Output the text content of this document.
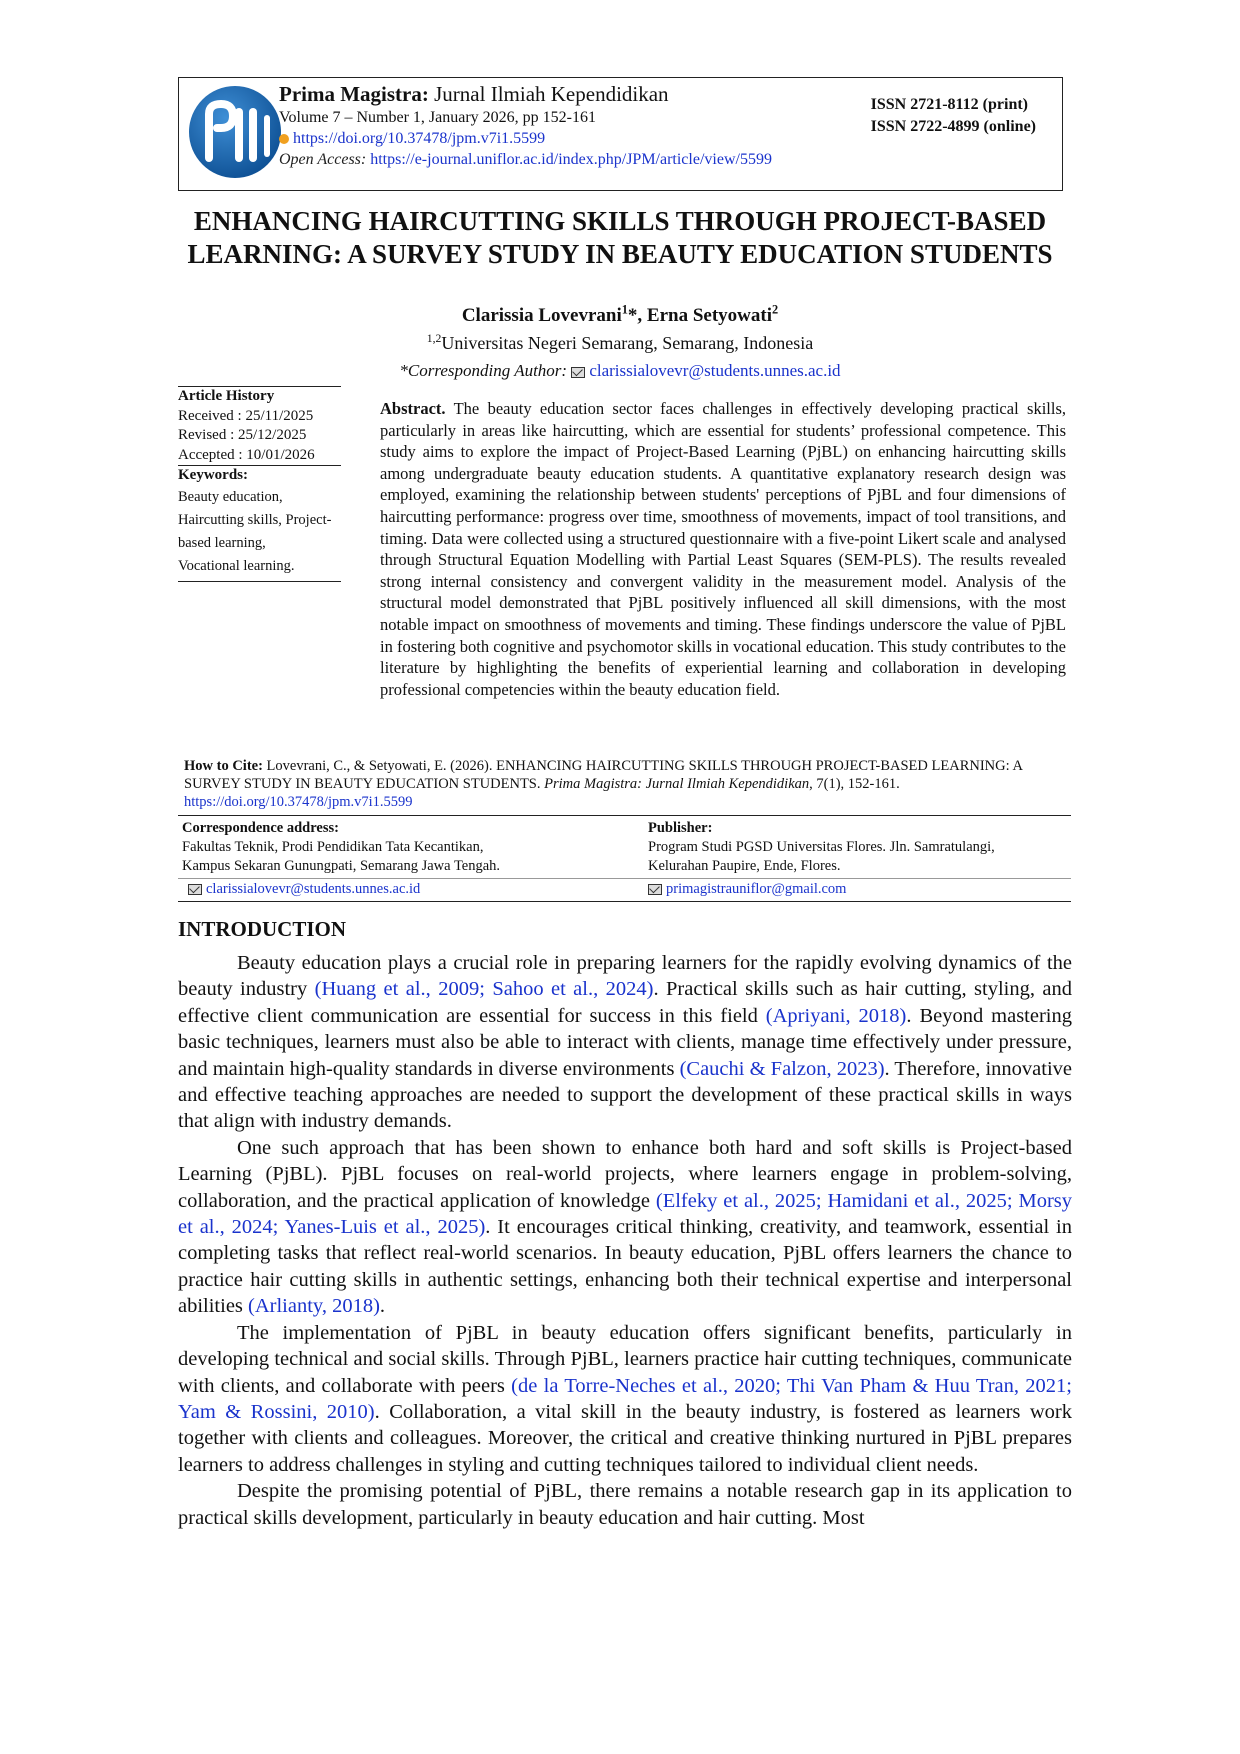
Prima Magistra: Jurnal Ilmiah Kependidikan
Volume 7 – Number 1, January 2026, pp 152-161
https://doi.org/10.37478/jpm.v7i1.5599
Open Access: https://e-journal.uniflor.ac.id/index.php/JPM/article/view/5599
ISSN 2721-8112 (print)
ISSN 2722-4899 (online)
ENHANCING HAIRCUTTING SKILLS THROUGH PROJECT-BASED LEARNING: A SURVEY STUDY IN BEAUTY EDUCATION STUDENTS
Clarissia Lovevrani$^1$*, Erna Setyowati$^2$
$^{1,2}$Universitas Negeri Semarang, Semarang, Indonesia
*Corresponding Author: clarissialovevr@students.unnes.ac.id
Article History
Received : 25/11/2025
Revised : 25/12/2025
Accepted : 10/01/2026
Keywords:
Beauty education,
Haircutting skills, Project-
based learning,
Vocational learning.
Abstract. The beauty education sector faces challenges in effectively developing practical skills, particularly in areas like haircutting, which are essential for students’ professional competence. This study aims to explore the impact of Project-Based Learning (PjBL) on enhancing haircutting skills among undergraduate beauty education students. A quantitative explanatory research design was employed, examining the relationship between students' perceptions of PjBL and four dimensions of haircutting performance: progress over time, smoothness of movements, impact of tool transitions, and timing. Data were collected using a structured questionnaire with a five-point Likert scale and analysed through Structural Equation Modelling with Partial Least Squares (SEM-PLS). The results revealed strong internal consistency and convergent validity in the measurement model. Analysis of the structural model demonstrated that PjBL positively influenced all skill dimensions, with the most notable impact on smoothness of movements and timing. These findings underscore the value of PjBL in fostering both cognitive and psychomotor skills in vocational education. This study contributes to the literature by highlighting the benefits of experiential learning and collaboration in developing professional competencies within the beauty education field.
How to Cite: Lovevrani, C., & Setyowati, E. (2026). ENHANCING HAIRCUTTING SKILLS THROUGH PROJECT-BASED LEARNING: A SURVEY STUDY IN BEAUTY EDUCATION STUDENTS. Prima Magistra: Jurnal Ilmiah Kependidikan, 7(1), 152-161. https://doi.org/10.37478/jpm.v7i1.5599
Correspondence address:
Fakultas Teknik, Prodi Pendidikan Tata Kecantikan,
Kampus Sekaran Gunungpati, Semarang Jawa Tengah.
Publisher:
Program Studi PGSD Universitas Flores. Jln. Samratulangi,
Kelurahan Paupire, Ende, Flores.
clarissialovevr@students.unnes.ac.id	primagistrauniflor@gmail.com
INTRODUCTION

Beauty education plays a crucial role in preparing learners for the rapidly evolving dynamics of the beauty industry (Huang et al., 2009; Sahoo et al., 2024). Practical skills such as hair cutting, styling, and effective client communication are essential for success in this field (Apriyani, 2018). Beyond mastering basic techniques, learners must also be able to interact with clients, manage time effectively under pressure, and maintain high-quality standards in diverse environments (Cauchi & Falzon, 2023). Therefore, innovative and effective teaching approaches are needed to support the development of these practical skills in ways that align with industry demands.

One such approach that has been shown to enhance both hard and soft skills is Project-based Learning (PjBL). PjBL focuses on real-world projects, where learners engage in problem-solving, collaboration, and the practical application of knowledge (Elfeky et al., 2025; Hamidani et al., 2025; Morsy et al., 2024; Yanes-Luis et al., 2025). It encourages critical thinking, creativity, and teamwork, essential in completing tasks that reflect real-world scenarios. In beauty education, PjBL offers learners the chance to practice hair cutting skills in authentic settings, enhancing both their technical expertise and interpersonal abilities (Arlianty, 2018).

The implementation of PjBL in beauty education offers significant benefits, particularly in developing technical and social skills. Through PjBL, learners practice hair cutting techniques, communicate with clients, and collaborate with peers (de la Torre-Neches et al., 2020; Thi Van Pham & Huu Tran, 2021; Yam & Rossini, 2010). Collaboration, a vital skill in the beauty industry, is fostered as learners work together with clients and colleagues. Moreover, the critical and creative thinking nurtured in PjBL prepares learners to address challenges in styling and cutting techniques tailored to individual client needs.

Despite the promising potential of PjBL, there remains a notable research gap in its application to practical skills development, particularly in beauty education and hair cutting. Most
